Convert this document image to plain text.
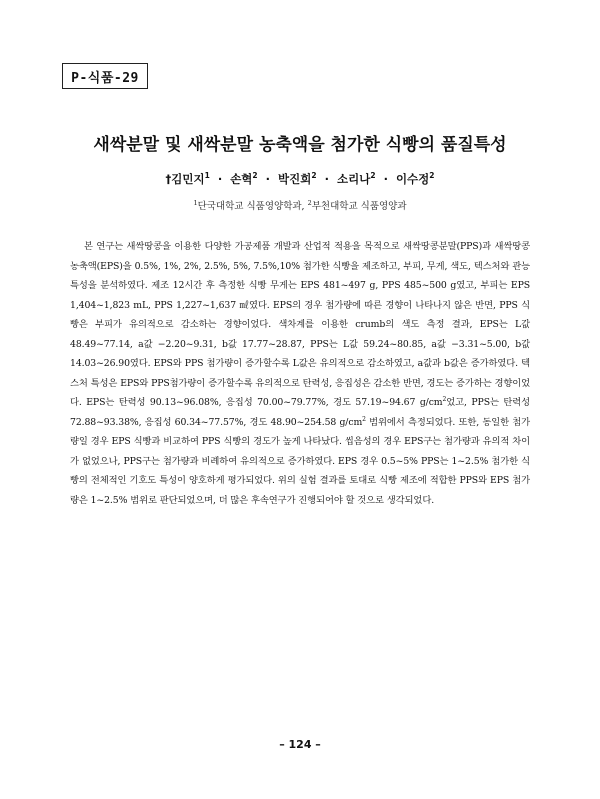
P-식품-29
새싹분말 및 새싹분말 농축액을 첨가한 식빵의 품질특성
†김민지$^1$ · 손혁$^2$ · 박진희$^2$ · 소리나$^2$ · 이수정$^2$
$^1$단국대학교 식품영양학과, $^2$부천대학교 식품영양과

본 연구는 새싹땅콩을 이용한 다양한 가공제품 개발과 산업적 적용을 목적으로 새싹땅콩분말(PPS)과 새싹땅콩 농축액(EPS)을 0.5%, 1%, 2%, 2.5%, 5%, 7.5%,10% 첨가한 식빵을 제조하고, 부피, 무게, 색도, 텍스처와 관능 특성을 분석하였다. 제조 12시간 후 측정한 식빵 무게는 EPS 481~497 g, PPS 485~500 g였고, 부피는 EPS 1,404~1,823 mL, PPS 1,227~1,637 ㎖였다. EPS의 경우 첨가량에 따른 경향이 나타나지 않은 반면, PPS 식빵은 부피가 유의적으로 감소하는 경향이었다. 색차계를 이용한 crumb의 색도 측정 결과, EPS는 L값 48.49~77.14, a값 −2.20~9.31, b값 17.77~28.87, PPS는 L값 59.24~80.85, a값 −3.31~5.00, b값 14.03~26.90였다. EPS와 PPS 첨가량이 증가할수록 L값은 유의적으로 감소하였고, a값과 b값은 증가하였다. 텍스처 특성은 EPS와 PPS첨가량이 증가할수록 유의적으로 탄력성, 응집성은 감소한 반면, 경도는 증가하는 경향이었다. EPS는 탄력성 90.13~96.08%, 응집성 70.00~79.77%, 경도 57.19~94.67 $g/cm^2$었고, PPS는 탄력성 72.88~93.38%, 응집성 60.34~77.57%, 경도 48.90~254.58 $g/cm^2$ 범위에서 측정되었다. 또한, 동일한 첨가량일 경우 EPS 식빵과 비교하여 PPS 식빵의 경도가 높게 나타났다. 씹음성의 경우 EPS구는 첨가량과 유의적 차이가 없었으나, PPS구는 첨가량과 비례하여 유의적으로 증가하였다. EPS 경우 0.5~5% PPS는 1~2.5% 첨가한 식빵의 전체적인 기호도 특성이 양호하게 평가되었다. 위의 실험 결과를 토대로 식빵 제조에 적합한 PPS와 EPS 첨가량은 1~2.5% 범위로 판단되었으며, 더 많은 후속연구가 진행되어야 할 것으로 생각되었다.

– 124 –
